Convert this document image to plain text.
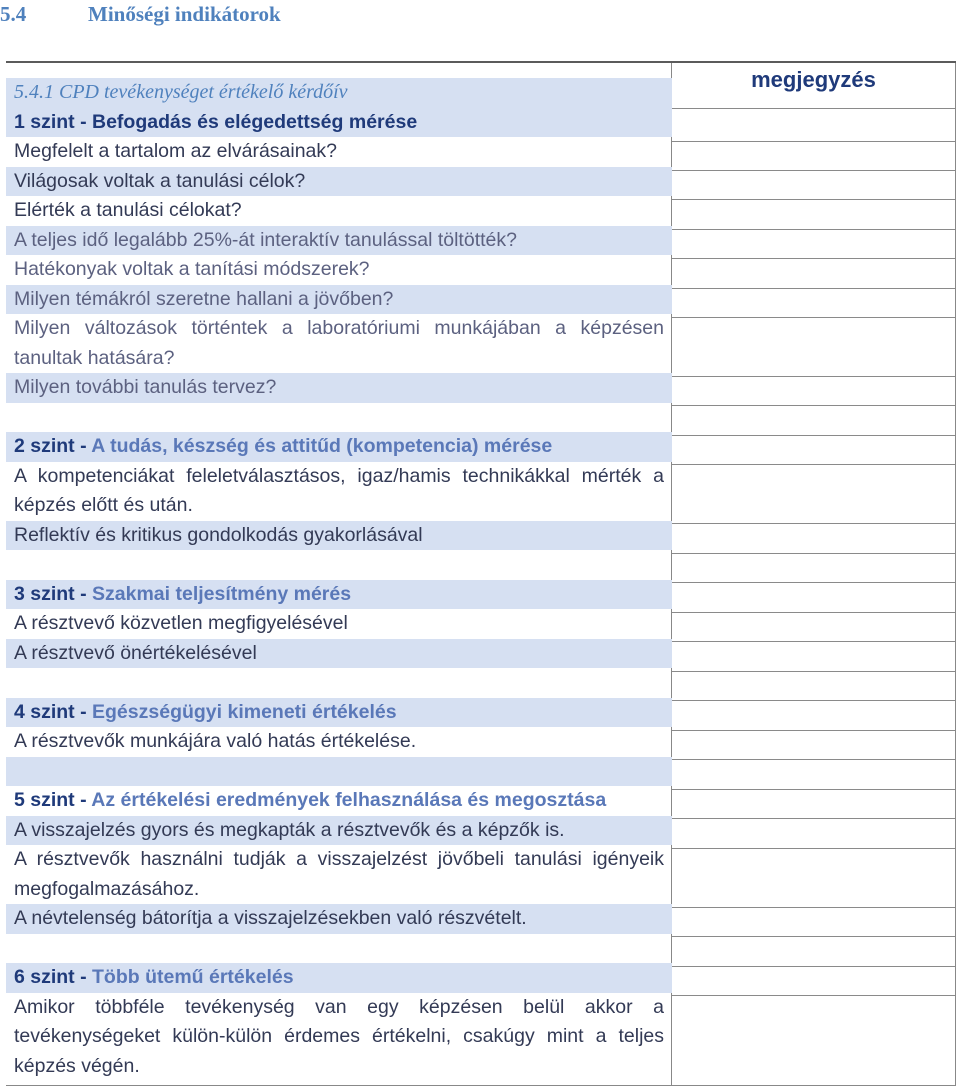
5.4	Minőségi indikátorok
megjegyzés
5.4.1 CPD tevékenységet értékelő kérdőív
1 szint - Befogadás és elégedettség mérése
Megfelelt a tartalom az elvárásainak?
Világosak voltak a tanulási célok?
Elérték a tanulási célokat?
A teljes idő legalább 25%-át interaktív tanulással töltötték?
Hatékonyak voltak a tanítási módszerek?
Milyen témákról szeretne hallani a jövőben?
Milyen változások történtek a laboratóriumi munkájában a képzésen tanultak hatására?
Milyen további tanulás tervez?
2 szint - A tudás, készség és attitűd (kompetencia) mérése
A kompetenciákat feleletválasztásos, igaz/hamis technikákkal mérték a képzés előtt és után.
Reflektív és kritikus gondolkodás gyakorlásával
3 szint - Szakmai teljesítmény mérés
A résztvevő közvetlen megfigyelésével
A résztvevő önértékelésével
4 szint - Egészségügyi kimeneti értékelés
A résztvevők munkájára való hatás értékelése.
5 szint - Az értékelési eredmények felhasználása és megosztása
A visszajelzés gyors és megkapták a résztvevők és a képzők is.
A résztvevők használni tudják a visszajelzést jövőbeli tanulási igényeik megfogalmazásához.
A névtelenség bátorítja a visszajelzésekben való részvételt.
6 szint - Több ütemű értékelés
Amikor többféle tevékenység van egy képzésen belül akkor a tevékenységeket külön-külön érdemes értékelni, csakúgy mint a teljes képzés végén.
